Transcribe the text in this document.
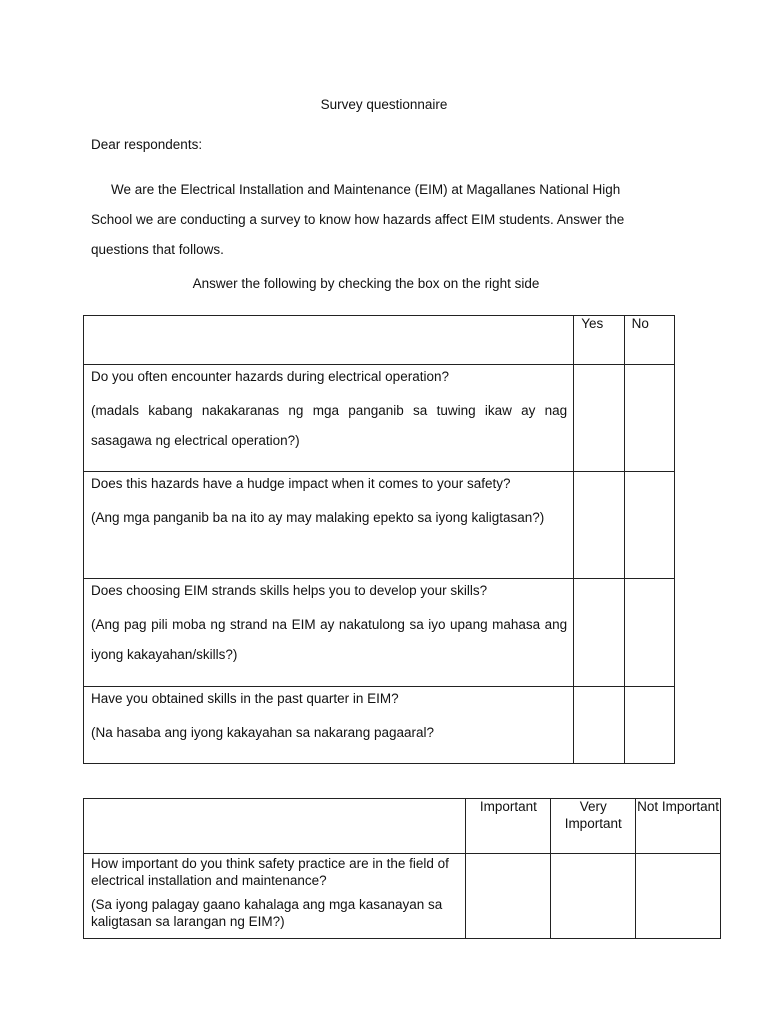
Survey questionnaire
Dear respondents:
We are the Electrical Installation and Maintenance (EIM) at Magallanes National High School we are conducting a survey to know how hazards affect EIM students. Answer the questions that follows.
Answer the following by checking the box on the right side

	Yes	No

Do you often encounter hazards during electrical operation?

(madals kabang nakakaranas ng mga panganib sa tuwing ikaw ay nag sasagawa ng electrical operation?)		

Does this hazards have a hudge impact when it comes to your safety?

(Ang mga panganib ba na ito ay may malaking epekto sa iyong kaligtasan?)		

Does choosing EIM strands skills helps you to develop your skills?

(Ang pag pili moba ng strand na EIM ay nakatulong sa iyo upang mahasa ang iyong kakayahan/skills?)		

Have you obtained skills in the past quarter in EIM?

(Na hasaba ang iyong kakayahan sa nakarang pagaaral?		

	Important	Very Important	Not Important

How important do you think safety practice are in the field of electrical installation and maintenance?

(Sa iyong palagay gaano kahalaga ang mga kasanayan sa kaligtasan sa larangan ng EIM?)			
